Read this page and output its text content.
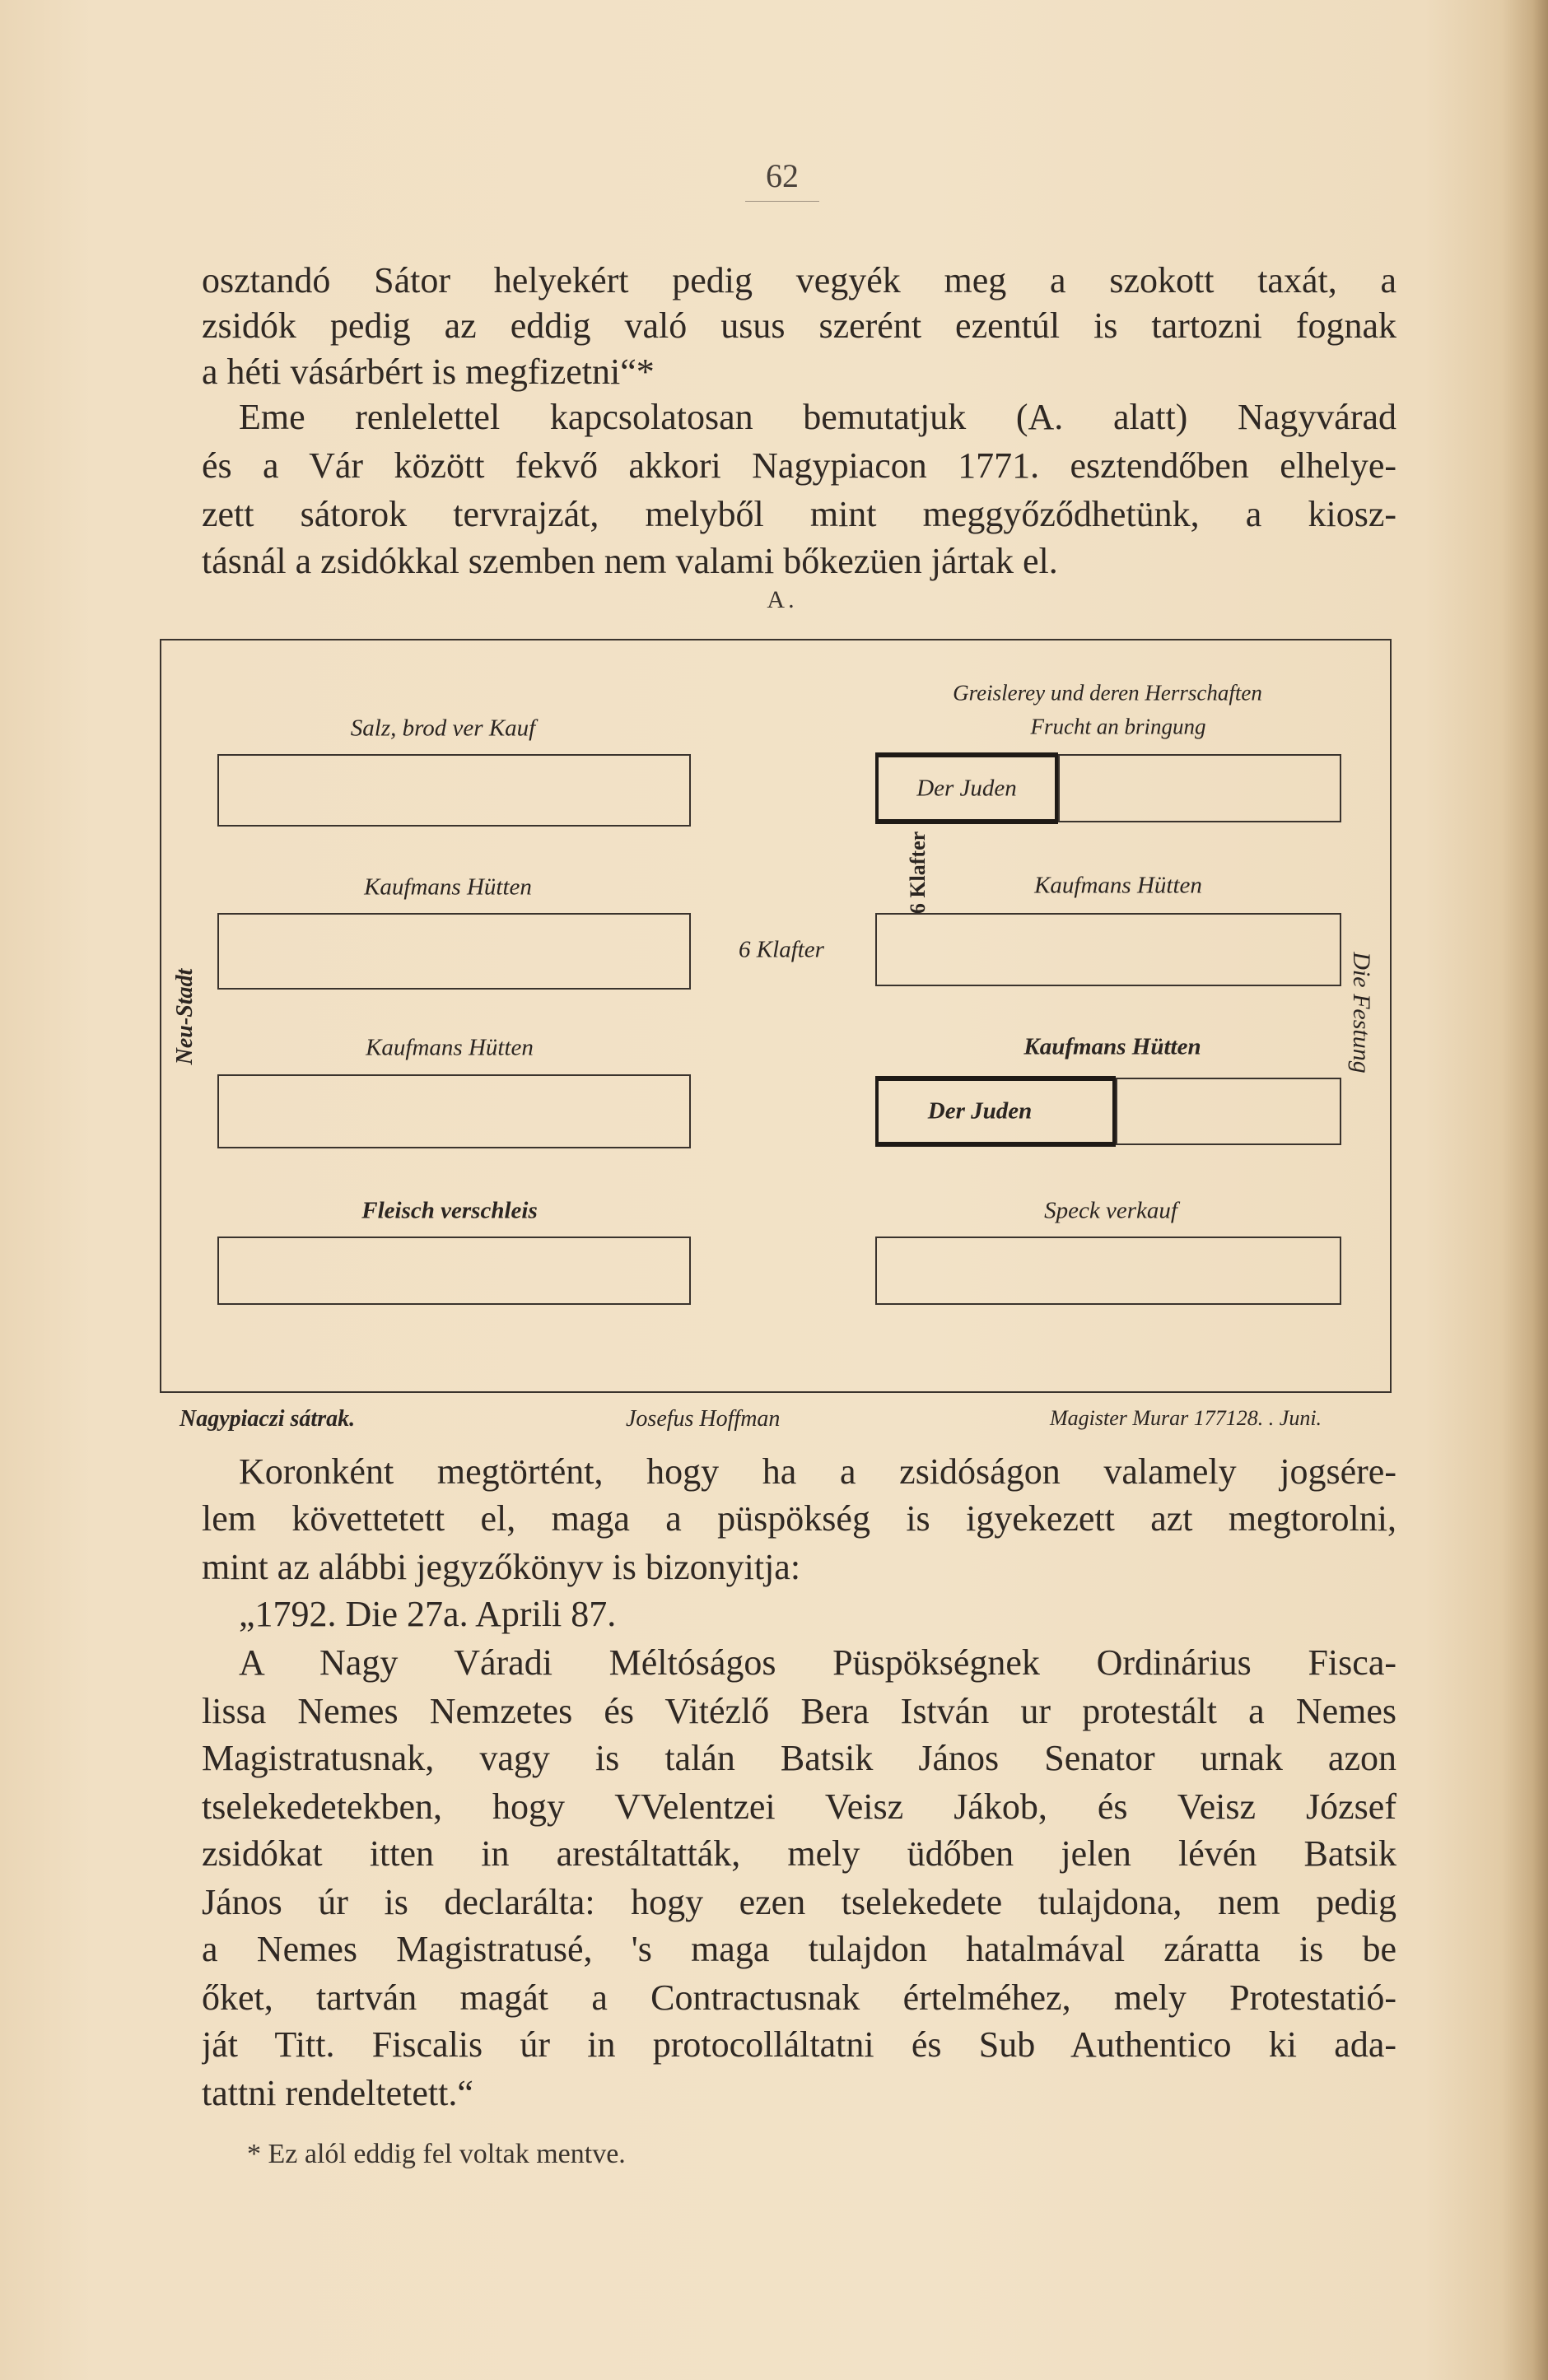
62
osztandó Sátor helyekért pedig vegyék meg a szokott taxát, a
zsidók pedig az eddig való usus szerént ezentúl is tartozni fognak
a héti vásárbért is megfizetni“*
Eme renlelettel kapcsolatosan bemutatjuk (A. alatt) Nagyvárad
és a Vár között fekvő akkori Nagypiacon 1771. esztendőben elhelye-
zett sátorok tervrajzát, melyből mint meggyőződhetünk, a kiosz-
tásnál a zsidókkal szemben nem valami bőkezüen jártak el.
A.
Salz, brod ver Kauf
Greislerey und deren Herrschaften
Frucht an bringung
Kaufmans Hütten
Kaufmans Hütten
Fleisch verschleis
Der Juden
6 Klafter	Kaufmans Hütten
Kaufmans Hütten
Der Juden
Speck verkauf
6 Klafter
Neu-Stadt	Die Festung
Nagypiaczi sátrak.	Josefus Hoffman	Magister Murar 177128. . Juni.
Koronként megtörtént, hogy ha a zsidóságon valamely jogsére-
lem követtetett el, maga a püspökség is igyekezett azt megtorolni,
mint az alábbi jegyzőkönyv is bizonyitja:
„1792. Die 27a. Aprili 87.
A Nagy Váradi Méltóságos Püspökségnek Ordinárius Fisca-
lissa Nemes Nemzetes és Vitézlő Bera István ur protestált a Nemes
Magistratusnak, vagy is talán Batsik János Senator urnak azon
tselekedetekben, hogy VVelentzei Veisz Jákob, és Veisz József
zsidókat itten in arestáltatták, mely üdőben jelen lévén Batsik
János úr is declarálta: hogy ezen tselekedete tulajdona, nem pedig
a Nemes Magistratusé, 's maga tulajdon hatalmával záratta is be
őket, tartván magát a Contractusnak értelméhez, mely Protestatió-
ját Titt. Fiscalis úr in protocolláltatni és Sub Authentico ki ada-
tattni rendeltetett.“
* Ez alól eddig fel voltak mentve.
